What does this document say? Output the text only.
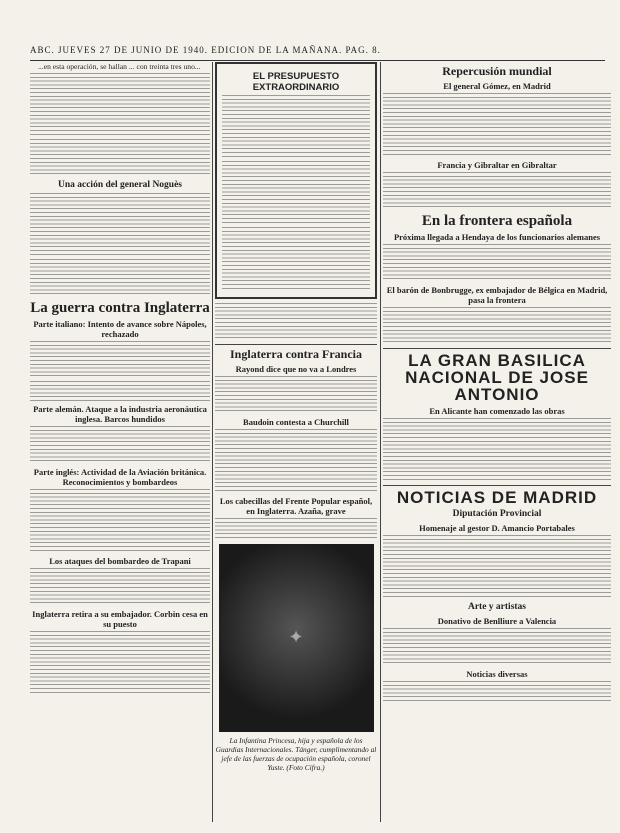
ABC. JUEVES 27 DE JUNIO DE 1940. EDICION DE LA MAÑANA. PAG. 8.

...en esta operación, se hallan ... con treinta tres uno...

Una acción del general Noguès
La guerra contra Inglaterra
Parte italiano: Intento de avance sobre Nápoles, rechazado
Parte alemán. Ataque a la industria aeronáutica inglesa. Barcos hundidos
Parte inglés: Actividad de la Aviación británica. Reconocimientos y bombardeos
Los ataques del bombardeo de Trapani
Inglaterra retira a su embajador. Corbin cesa en su puesto
EL PRESUPUESTO EXTRAORDINARIO
Inglaterra contra Francia
Rayond dice que no va a Londres
Baudoin contesta a Churchill
Los cabecillas del Frente Popular español, en Inglaterra. Azaña, grave
✦
La Infantina Princesa, hija y española de los Guardias Internacionales. Tánger, cumplimentando al jefe de las fuerzas de ocupación española, coronel Yuste. (Foto Cifra.)
Repercusión mundial
El general Gómez, en Madrid
Francia y Gibraltar en Gibraltar
En la frontera española
Próxima llegada a Hendaya de los funcionarios alemanes
El barón de Bonbrugge, ex embajador de Bélgica en Madrid, pasa la frontera
LA GRAN BASILICA NACIONAL DE JOSE ANTONIO
En Alicante han comenzado las obras
NOTICIAS DE MADRID
Diputación Provincial
Homenaje al gestor D. Amancio Portabales
Arte y artistas
Donativo de Benlliure a Valencia
Noticias diversas
